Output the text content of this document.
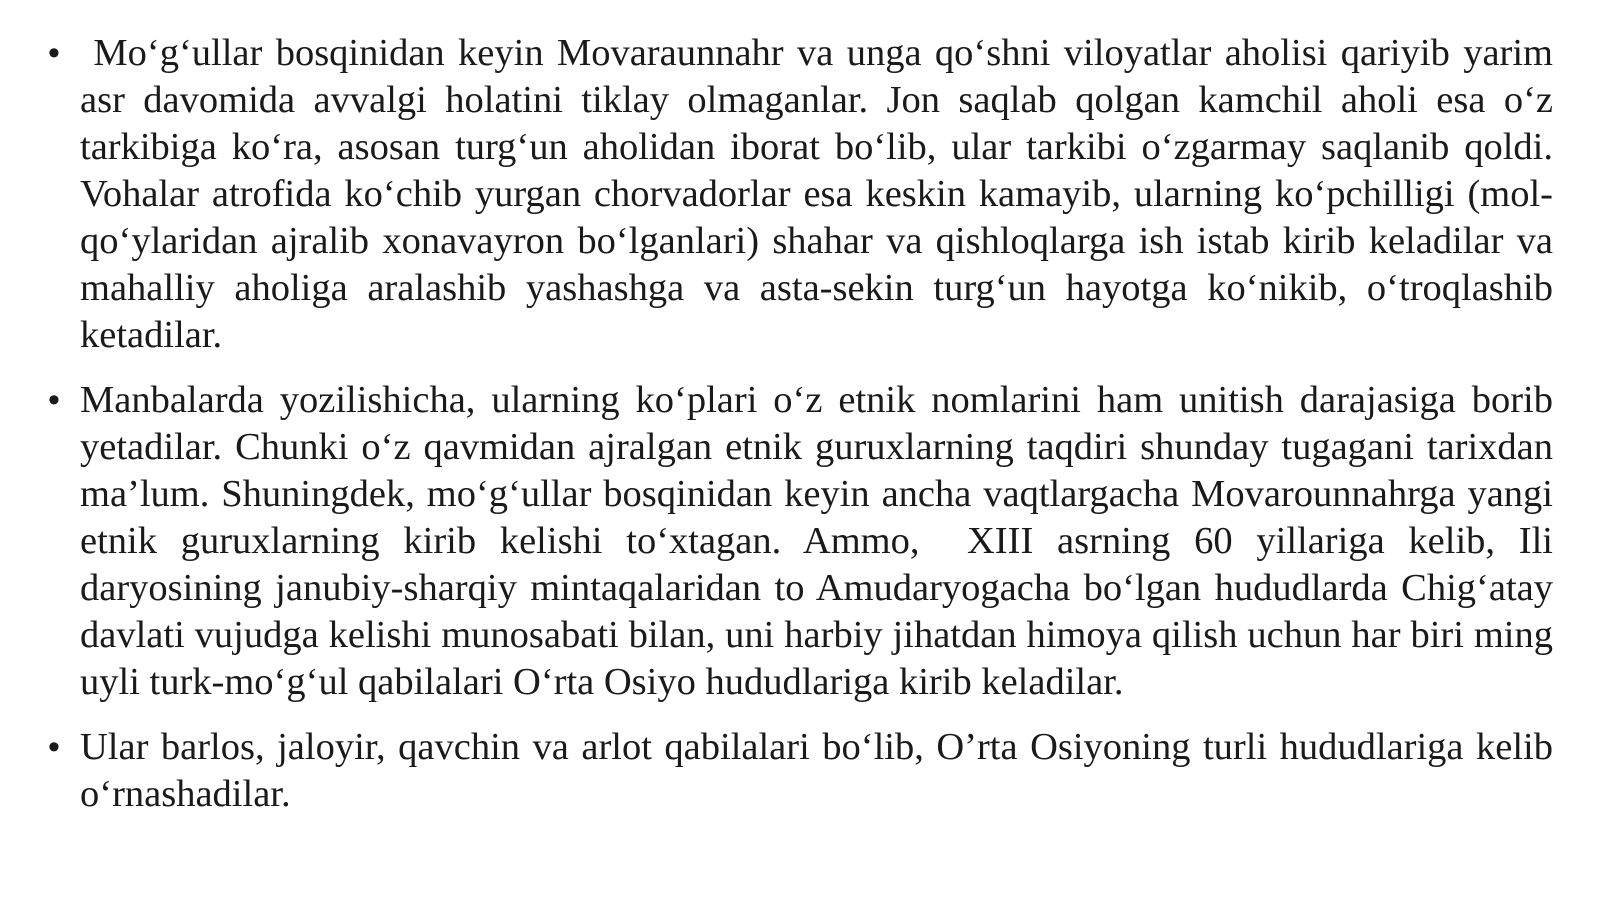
• Mo‘g‘ullar bosqinidan keyin Movaraunnahr va unga qo‘shni viloyatlar aholisi qariyib yarim asr davomida avvalgi holatini tiklay olmaganlar. Jon saqlab qolgan kamchil aholi esa o‘z tarkibiga ko‘ra, asosan turg‘un aholidan iborat bo‘lib, ular tarkibi o‘zgarmay saqlanib qoldi. Vohalar atrofida ko‘chib yurgan chorvadorlar esa keskin kamayib, ularning ko‘pchilligi (mol-qo‘ylaridan ajralib xonavayron bo‘lganlari) shahar va qishloqlarga ish istab kirib keladilar va mahalliy aholiga aralashib yashashga va asta-sekin turg‘un hayotga ko‘nikib, o‘troqlashib ketadilar.
• Manbalarda yozilishicha, ularning ko‘plari o‘z etnik nomlarini ham unitish darajasiga borib yetadilar. Chunki o‘z qavmidan ajralgan etnik guruxlarning taqdiri shunday tugagani tarixdan ma’lum. Shuningdek, mo‘g‘ullar bosqinidan keyin ancha vaqtlargacha Movarounnahrga yangi etnik guruxlarning kirib kelishi to‘xtagan. Ammo,  XIII asrning 60 yillariga kelib, Ili daryosining janubiy-sharqiy mintaqalaridan to Amudaryogacha bo‘lgan hududlarda Chig‘atay davlati vujudga kelishi munosabati bilan, uni harbiy jihatdan himoya qilish uchun har biri ming uyli turk-mo‘g‘ul qabilalari O‘rta Osiyo hududlariga kirib keladilar.
• Ular barlos, jaloyir, qavchin va arlot qabilalari bo‘lib, O’rta Osiyoning turli hududlariga kelib o‘rnashadilar.
